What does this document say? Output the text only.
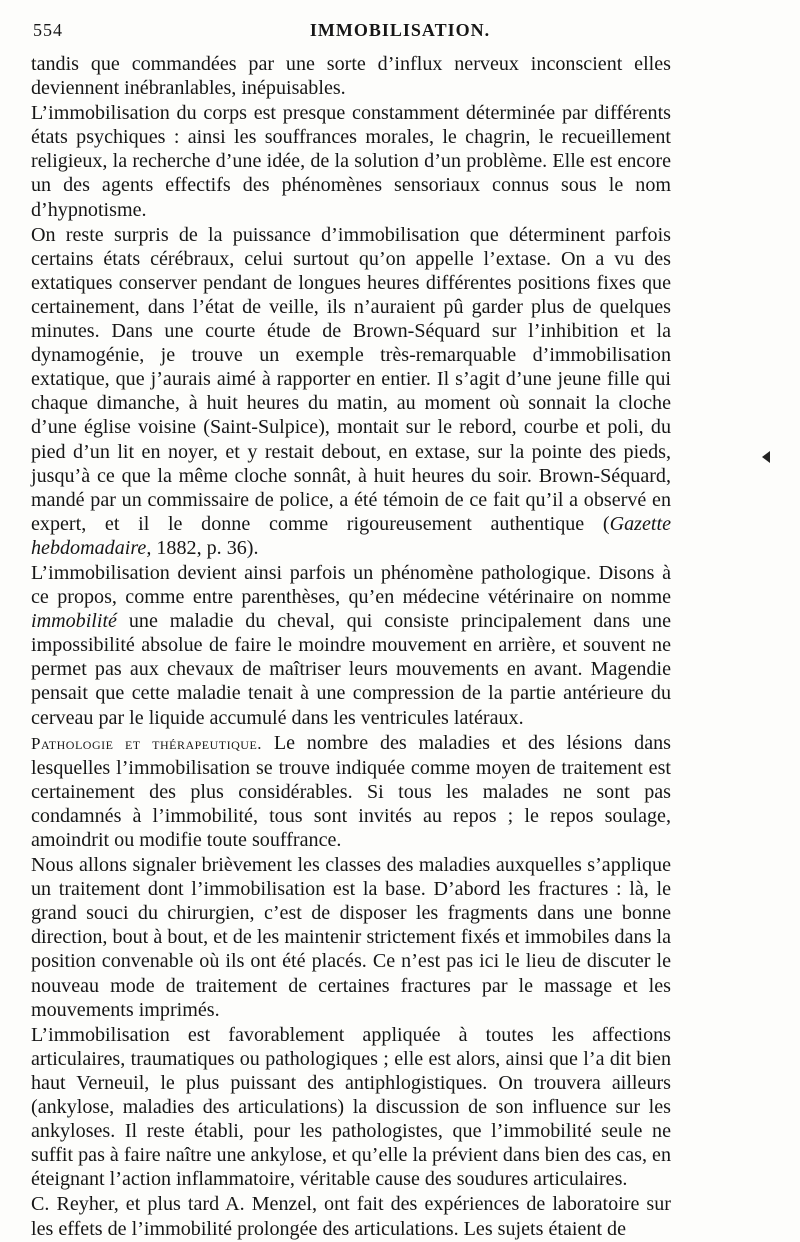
554	IMMOBILISATION.

tandis que commandées par une sorte d’influx nerveux inconscient elles deviennent inébranlables, inépuisables.

L’immobilisation du corps est presque constamment déterminée par différents états psychiques : ainsi les souffrances morales, le chagrin, le recueillement religieux, la recherche d’une idée, de la solution d’un problème. Elle est encore un des agents effectifs des phénomènes sensoriaux connus sous le nom d’hypnotisme.

On reste surpris de la puissance d’immobilisation que déterminent parfois certains états cérébraux, celui surtout qu’on appelle l’extase. On a vu des extatiques conserver pendant de longues heures différentes positions fixes que certainement, dans l’état de veille, ils n’auraient pû garder plus de quelques minutes. Dans une courte étude de Brown-Séquard sur l’inhibition et la dynamogénie, je trouve un exemple très-remarquable d’immobilisation extatique, que j’aurais aimé à rapporter en entier. Il s’agit d’une jeune fille qui chaque dimanche, à huit heures du matin, au moment où sonnait la cloche d’une église voisine (Saint-Sulpice), montait sur le rebord, courbe et poli, du pied d’un lit en noyer, et y restait debout, en extase, sur la pointe des pieds, jusqu’à ce que la même cloche sonnât, à huit heures du soir. Brown-Séquard, mandé par un commissaire de police, a été témoin de ce fait qu’il a observé en expert, et il le donne comme rigoureusement authentique (Gazette hebdomadaire, 1882, p. 36).

L’immobilisation devient ainsi parfois un phénomène pathologique. Disons à ce propos, comme entre parenthèses, qu’en médecine vétérinaire on nomme immobilité une maladie du cheval, qui consiste principalement dans une impossibilité absolue de faire le moindre mouvement en arrière, et souvent ne permet pas aux chevaux de maîtriser leurs mouvements en avant. Magendie pensait que cette maladie tenait à une compression de la partie antérieure du cerveau par le liquide accumulé dans les ventricules latéraux.

Pathologie et thérapeutique. Le nombre des maladies et des lésions dans lesquelles l’immobilisation se trouve indiquée comme moyen de traitement est certainement des plus considérables. Si tous les malades ne sont pas condamnés à l’immobilité, tous sont invités au repos ; le repos soulage, amoindrit ou modifie toute souffrance.

Nous allons signaler brièvement les classes des maladies auxquelles s’applique un traitement dont l’immobilisation est la base. D’abord les fractures : là, le grand souci du chirurgien, c’est de disposer les fragments dans une bonne direction, bout à bout, et de les maintenir strictement fixés et immobiles dans la position convenable où ils ont été placés. Ce n’est pas ici le lieu de discuter le nouveau mode de traitement de certaines fractures par le massage et les mouvements imprimés.

L’immobilisation est favorablement appliquée à toutes les affections articulaires, traumatiques ou pathologiques ; elle est alors, ainsi que l’a dit bien haut Verneuil, le plus puissant des antiphlogistiques. On trouvera ailleurs (ankylose, maladies des articulations) la discussion de son influence sur les ankyloses. Il reste établi, pour les pathologistes, que l’immobilité seule ne suffit pas à faire naître une ankylose, et qu’elle la prévient dans bien des cas, en éteignant l’action inflammatoire, véritable cause des soudures articulaires.

C. Reyher, et plus tard A. Menzel, ont fait des expériences de laboratoire sur les effets de l’immobilité prolongée des articulations. Les sujets étaient de
